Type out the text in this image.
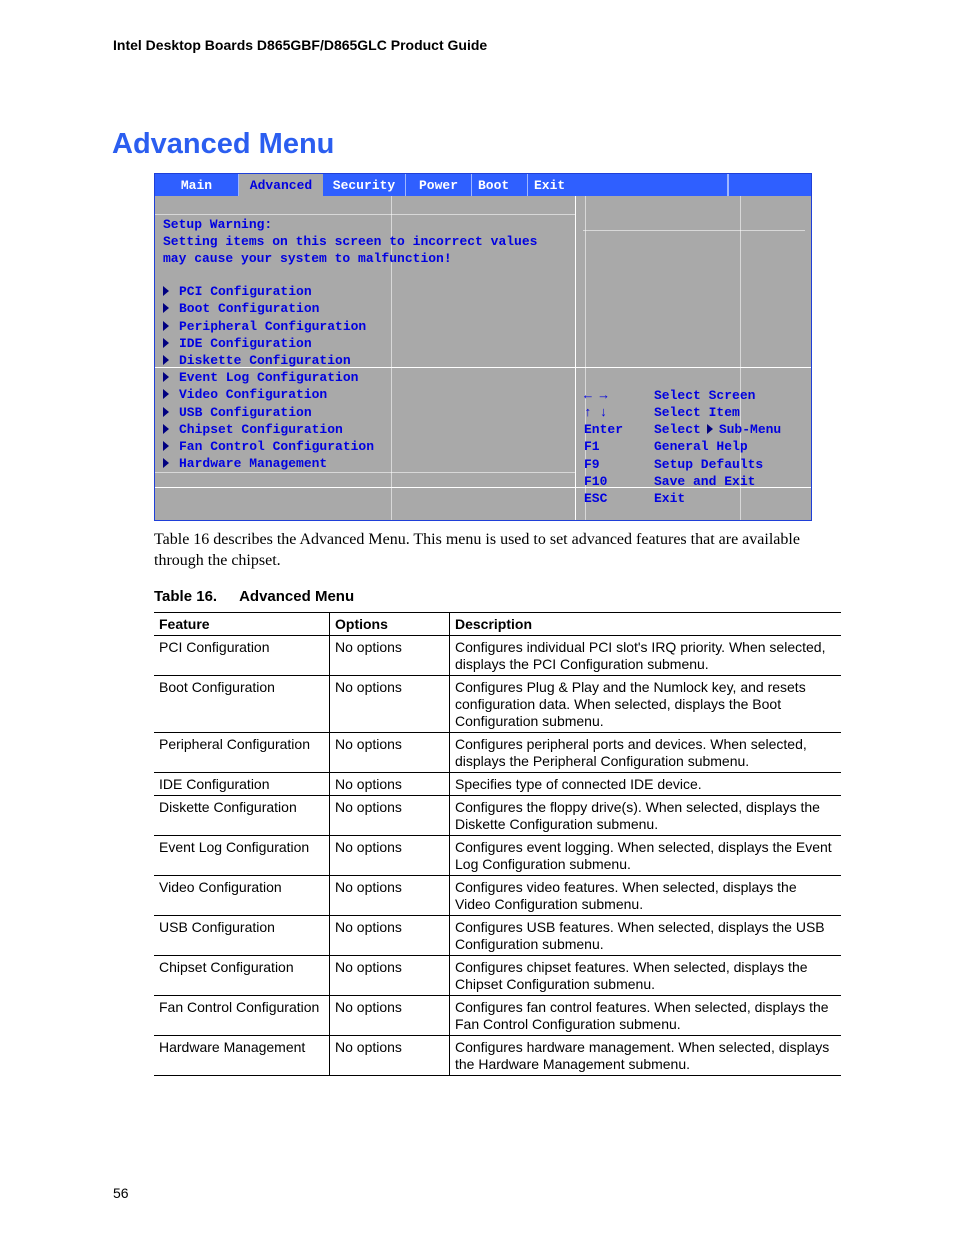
Intel Desktop Boards D865GBF/D865GLC Product Guide
Advanced Menu
Main	Advanced	Security	Power	Boot	Exit
Setup Warning:
Setting items on this screen to incorrect values
may cause your system to malfunction!
PCI Configuration
Boot Configuration
Peripheral Configuration
IDE Configuration
Diskette Configuration
Event Log Configuration
Video Configuration
USB Configuration
Chipset Configuration
Fan Control Configuration
Hardware Management
← →	Select Screen
↑ ↓	Select Item
Enter Select Sub-Menu
F1	General Help
F9	Setup Defaults
F10	Save and Exit
ESC	Exit

Table 16 describes the Advanced Menu. This menu is used to set advanced features that are available through the chipset.

Table 16. Advanced Menu
Feature	Options	Description
PCI Configuration	No options	Configures individual PCI slot's IRQ priority. When selected, displays the PCI Configuration submenu.
Boot Configuration	No options	Configures Plug & Play and the Numlock key, and resets configuration data. When selected, displays the Boot Configuration submenu.
Peripheral Configuration	No options	Configures peripheral ports and devices. When selected, displays the Peripheral Configuration submenu.
IDE Configuration	No options	Specifies type of connected IDE device.
Diskette Configuration	No options	Configures the floppy drive(s). When selected, displays the Diskette Configuration submenu.
Event Log Configuration	No options	Configures event logging. When selected, displays the Event Log Configuration submenu.
Video Configuration	No options	Configures video features. When selected, displays the Video Configuration submenu.
USB Configuration	No options	Configures USB features. When selected, displays the USB Configuration submenu.
Chipset Configuration	No options	Configures chipset features. When selected, displays the Chipset Configuration submenu.
Fan Control Configuration	No options	Configures fan control features. When selected, displays the Fan Control Configuration submenu.
Hardware Management	No options	Configures hardware management. When selected, displays the Hardware Management submenu.
56
